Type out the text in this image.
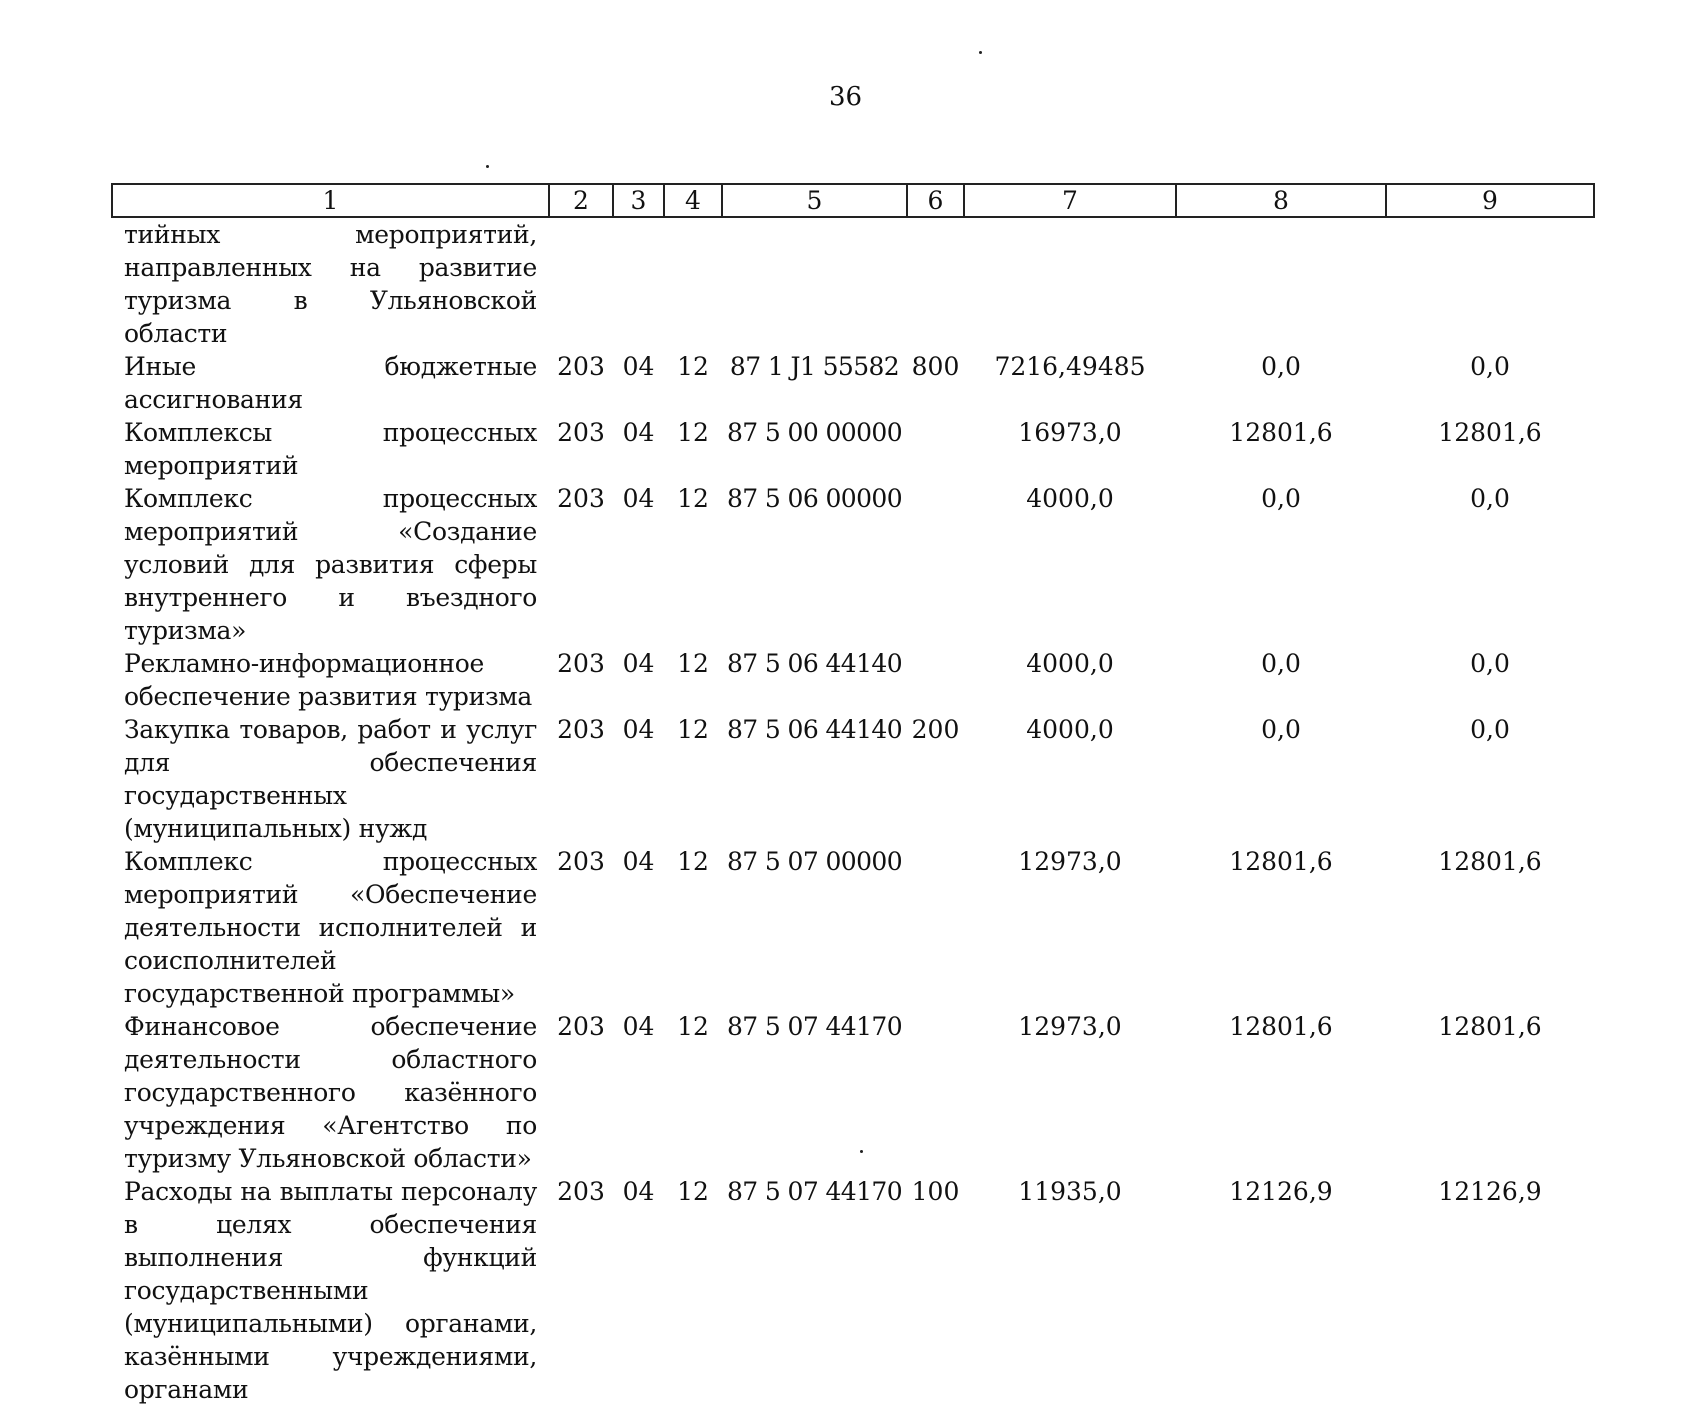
36
1	2	3	4	5	6	7	8	9
тийных мероприятий, направленных на развитие туризма в Ульяновской области								
Иные бюджетные ассигнования	203	04	12	87 1 J1 55582	800	7216,49485	0,0	0,0
Комплексы процессных мероприятий	203	04	12	87 5 00 00000		16973,0	12801,6	12801,6
Комплекс процессных мероприятий «Создание условий для развития сферы внутреннего и въездного туризма»	203	04	12	87 5 06 00000		4000,0	0,0	0,0
Рекламно-информационное обеспечение развития туризма	203	04	12	87 5 06 44140		4000,0	0,0	0,0
Закупка товаров, работ и услуг для обеспечения государственных (муниципальных) нужд	203	04	12	87 5 06 44140	200	4000,0	0,0	0,0
Комплекс процессных мероприятий «Обеспечение деятельности исполнителей и соисполнителей государственной программы»	203	04	12	87 5 07 00000		12973,0	12801,6	12801,6
Финансовое обеспечение деятельности областного государственного казённого учреждения «Агентство по туризму Ульяновской области»	203	04	12	87 5 07 44170		12973,0	12801,6	12801,6
Расходы на выплаты персоналу в целях обеспечения выполнения функций государственными (муниципальными) органами, казёнными учреждениями, органами	203	04	12	87 5 07 44170	100	11935,0	12126,9	12126,9
